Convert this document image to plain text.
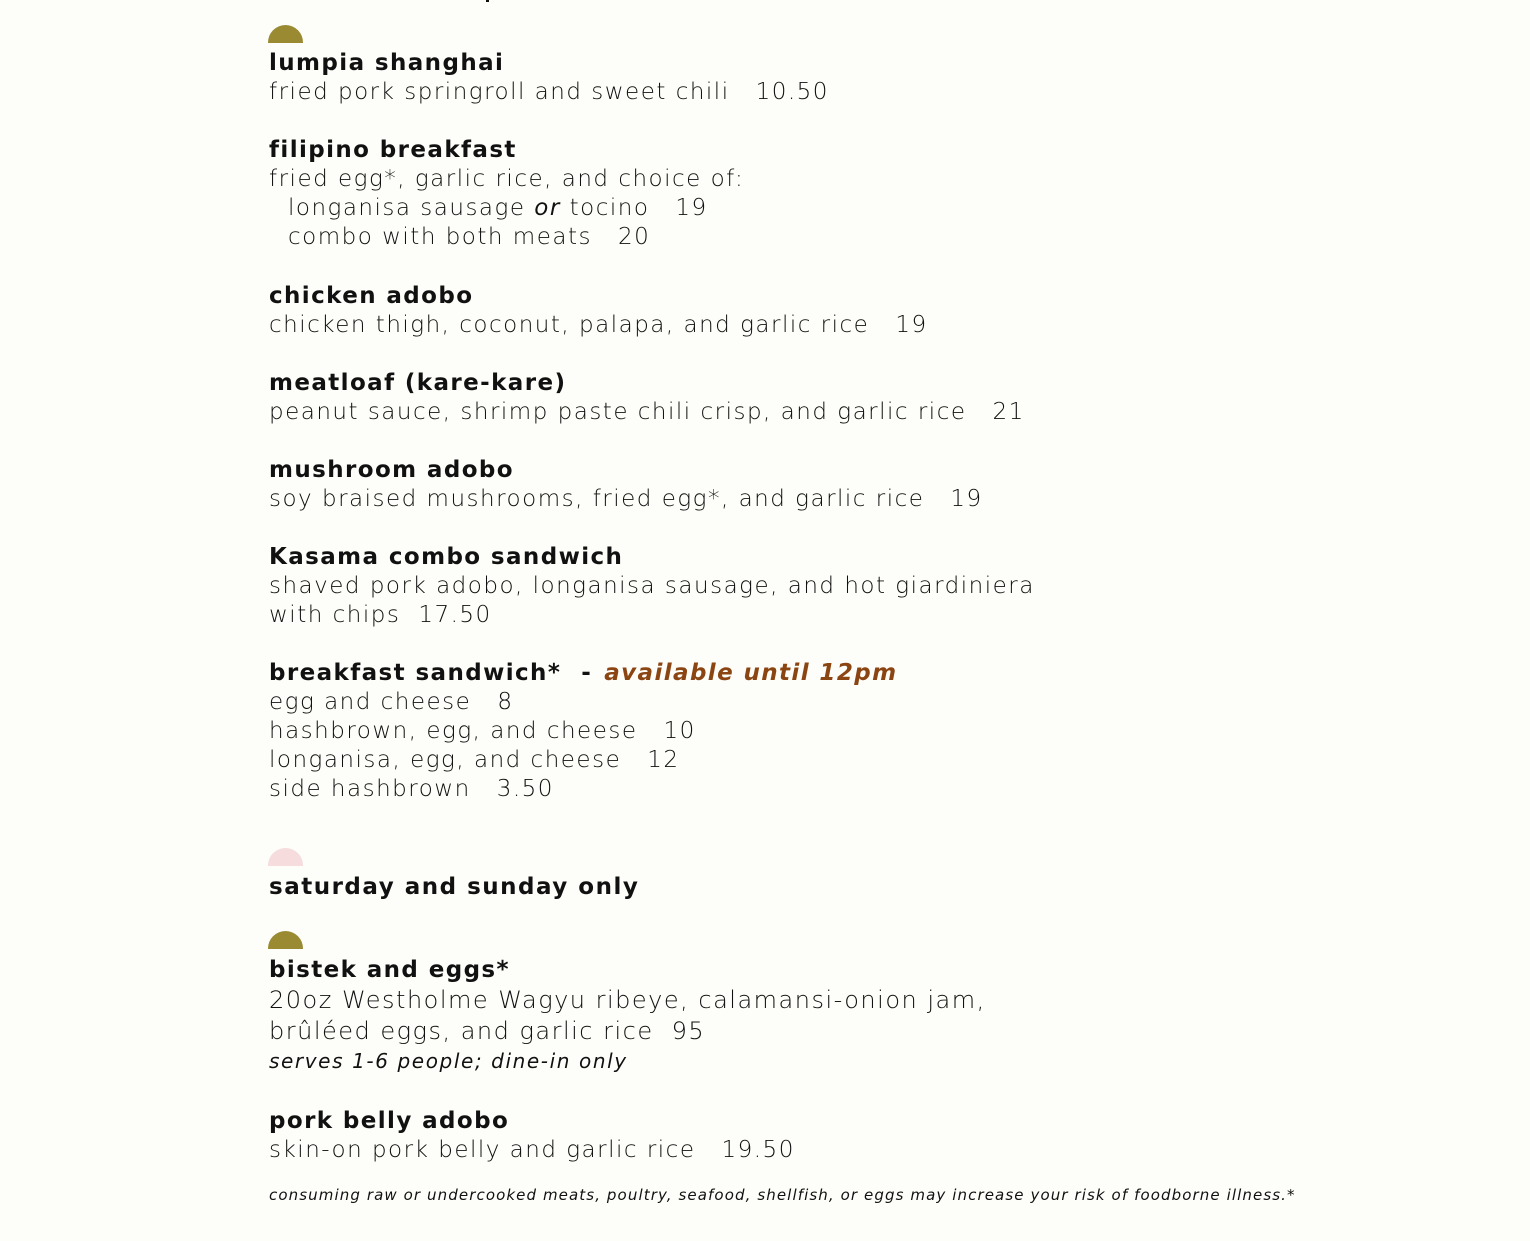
lumpia shanghai
fried pork springroll and sweet chili 10.50
filipino breakfast
fried egg*, garlic rice, and choice of:
longanisa sausage or tocino 19
combo with both meats 20
chicken adobo
chicken thigh, coconut, palapa, and garlic rice 19
meatloaf (kare-kare)
peanut sauce, shrimp paste chili crisp, and garlic rice 21
mushroom adobo
soy braised mushrooms, fried egg*, and garlic rice 19
Kasama combo sandwich
shaved pork adobo, longanisa sausage, and hot giardiniera
with chips 17.50
breakfast sandwich* - available until 12pm
egg and cheese 8
hashbrown, egg, and cheese 10
longanisa, egg, and cheese 12
side hashbrown 3.50
saturday and sunday only
bistek and eggs*
20oz Westholme Wagyu ribeye, calamansi-onion jam,
brûléed eggs, and garlic rice 95
serves 1-6 people; dine-in only
pork belly adobo
skin-on pork belly and garlic rice 19.50
consuming raw or undercooked meats, poultry, seafood, shellfish, or eggs may increase your risk of foodborne illness.*
